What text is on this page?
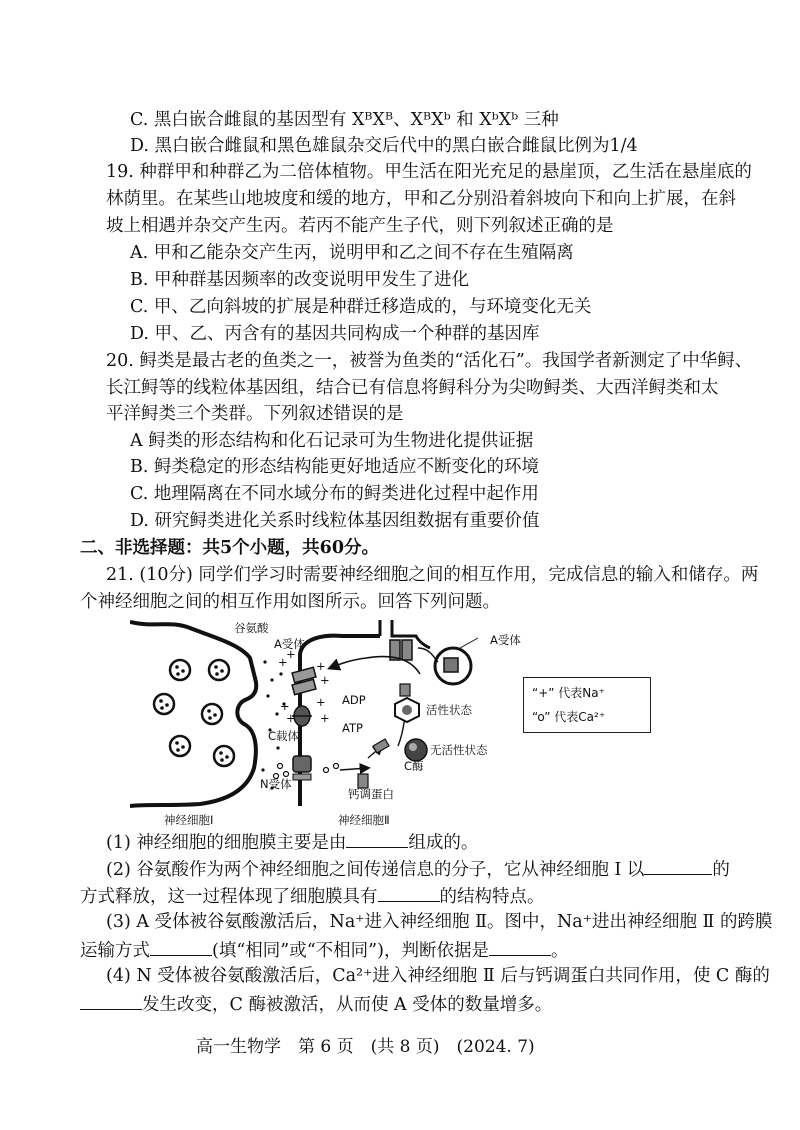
C. 黑白嵌合雌鼠的基因型有 XᴮXᴮ、XᴮXᵇ 和 XᵇXᵇ 三种
D. 黑白嵌合雌鼠和黑色雄鼠杂交后代中的黑白嵌合雌鼠比例为1/4
19. 种群甲和种群乙为二倍体植物。甲生活在阳光充足的悬崖顶，乙生活在悬崖底的
林荫里。在某些山地坡度和缓的地方，甲和乙分别沿着斜坡向下和向上扩展，在斜
坡上相遇并杂交产生丙。若丙不能产生子代，则下列叙述正确的是
A. 甲和乙能杂交产生丙，说明甲和乙之间不存在生殖隔离
B. 甲种群基因频率的改变说明甲发生了进化
C. 甲、乙向斜坡的扩展是种群迁移造成的，与环境变化无关
D. 甲、乙、丙含有的基因共同构成一个种群的基因库
20. 鲟类是最古老的鱼类之一，被誉为鱼类的“活化石”。我国学者新测定了中华鲟、
长江鲟等的线粒体基因组，结合已有信息将鲟科分为尖吻鲟类、大西洋鲟类和太
平洋鲟类三个类群。下列叙述错误的是
A 鲟类的形态结构和化石记录可为生物进化提供证据
B. 鲟类稳定的形态结构能更好地适应不断变化的环境
C. 地理隔离在不同水域分布的鲟类进化过程中起作用
D. 研究鲟类进化关系时线粒体基因组数据有重要价值
二、非选择题：共5个小题，共60分。
21. (10分) 同学们学习时需要神经细胞之间的相互作用，完成信息的输入和储存。两
个神经细胞之间的相互作用如图所示。回答下列问题。
+
+
+
+
+
+
+
+
谷氨酸
A受体	A受体
ADP
ATP
C载体
N受体
钙调蛋白
活性状态
无活性状态
C酶
神经细胞Ⅰ	神经细胞Ⅱ
“+” 代表Na⁺
“o” 代表Ca²⁺
(1) 神经细胞的细胞膜主要是由	组成的。
(2) 谷氨酸作为两个神经细胞之间传递信息的分子，它从神经细胞 Ⅰ 以	的
方式释放，这一过程体现了细胞膜具有	的结构特点。
(3) A 受体被谷氨酸激活后，Na⁺进入神经细胞 Ⅱ。图中，Na⁺进出神经细胞 Ⅱ 的跨膜
运输方式	(填“相同”或“不相同”)，判断依据是	。
(4) N 受体被谷氨酸激活后，Ca²⁺进入神经细胞 Ⅱ 后与钙调蛋白共同作用，使 C 酶的
发生改变，C 酶被激活，从而使 A 受体的数量增多。
高一生物学　第 6 页　(共 8 页)　(2024. 7)
